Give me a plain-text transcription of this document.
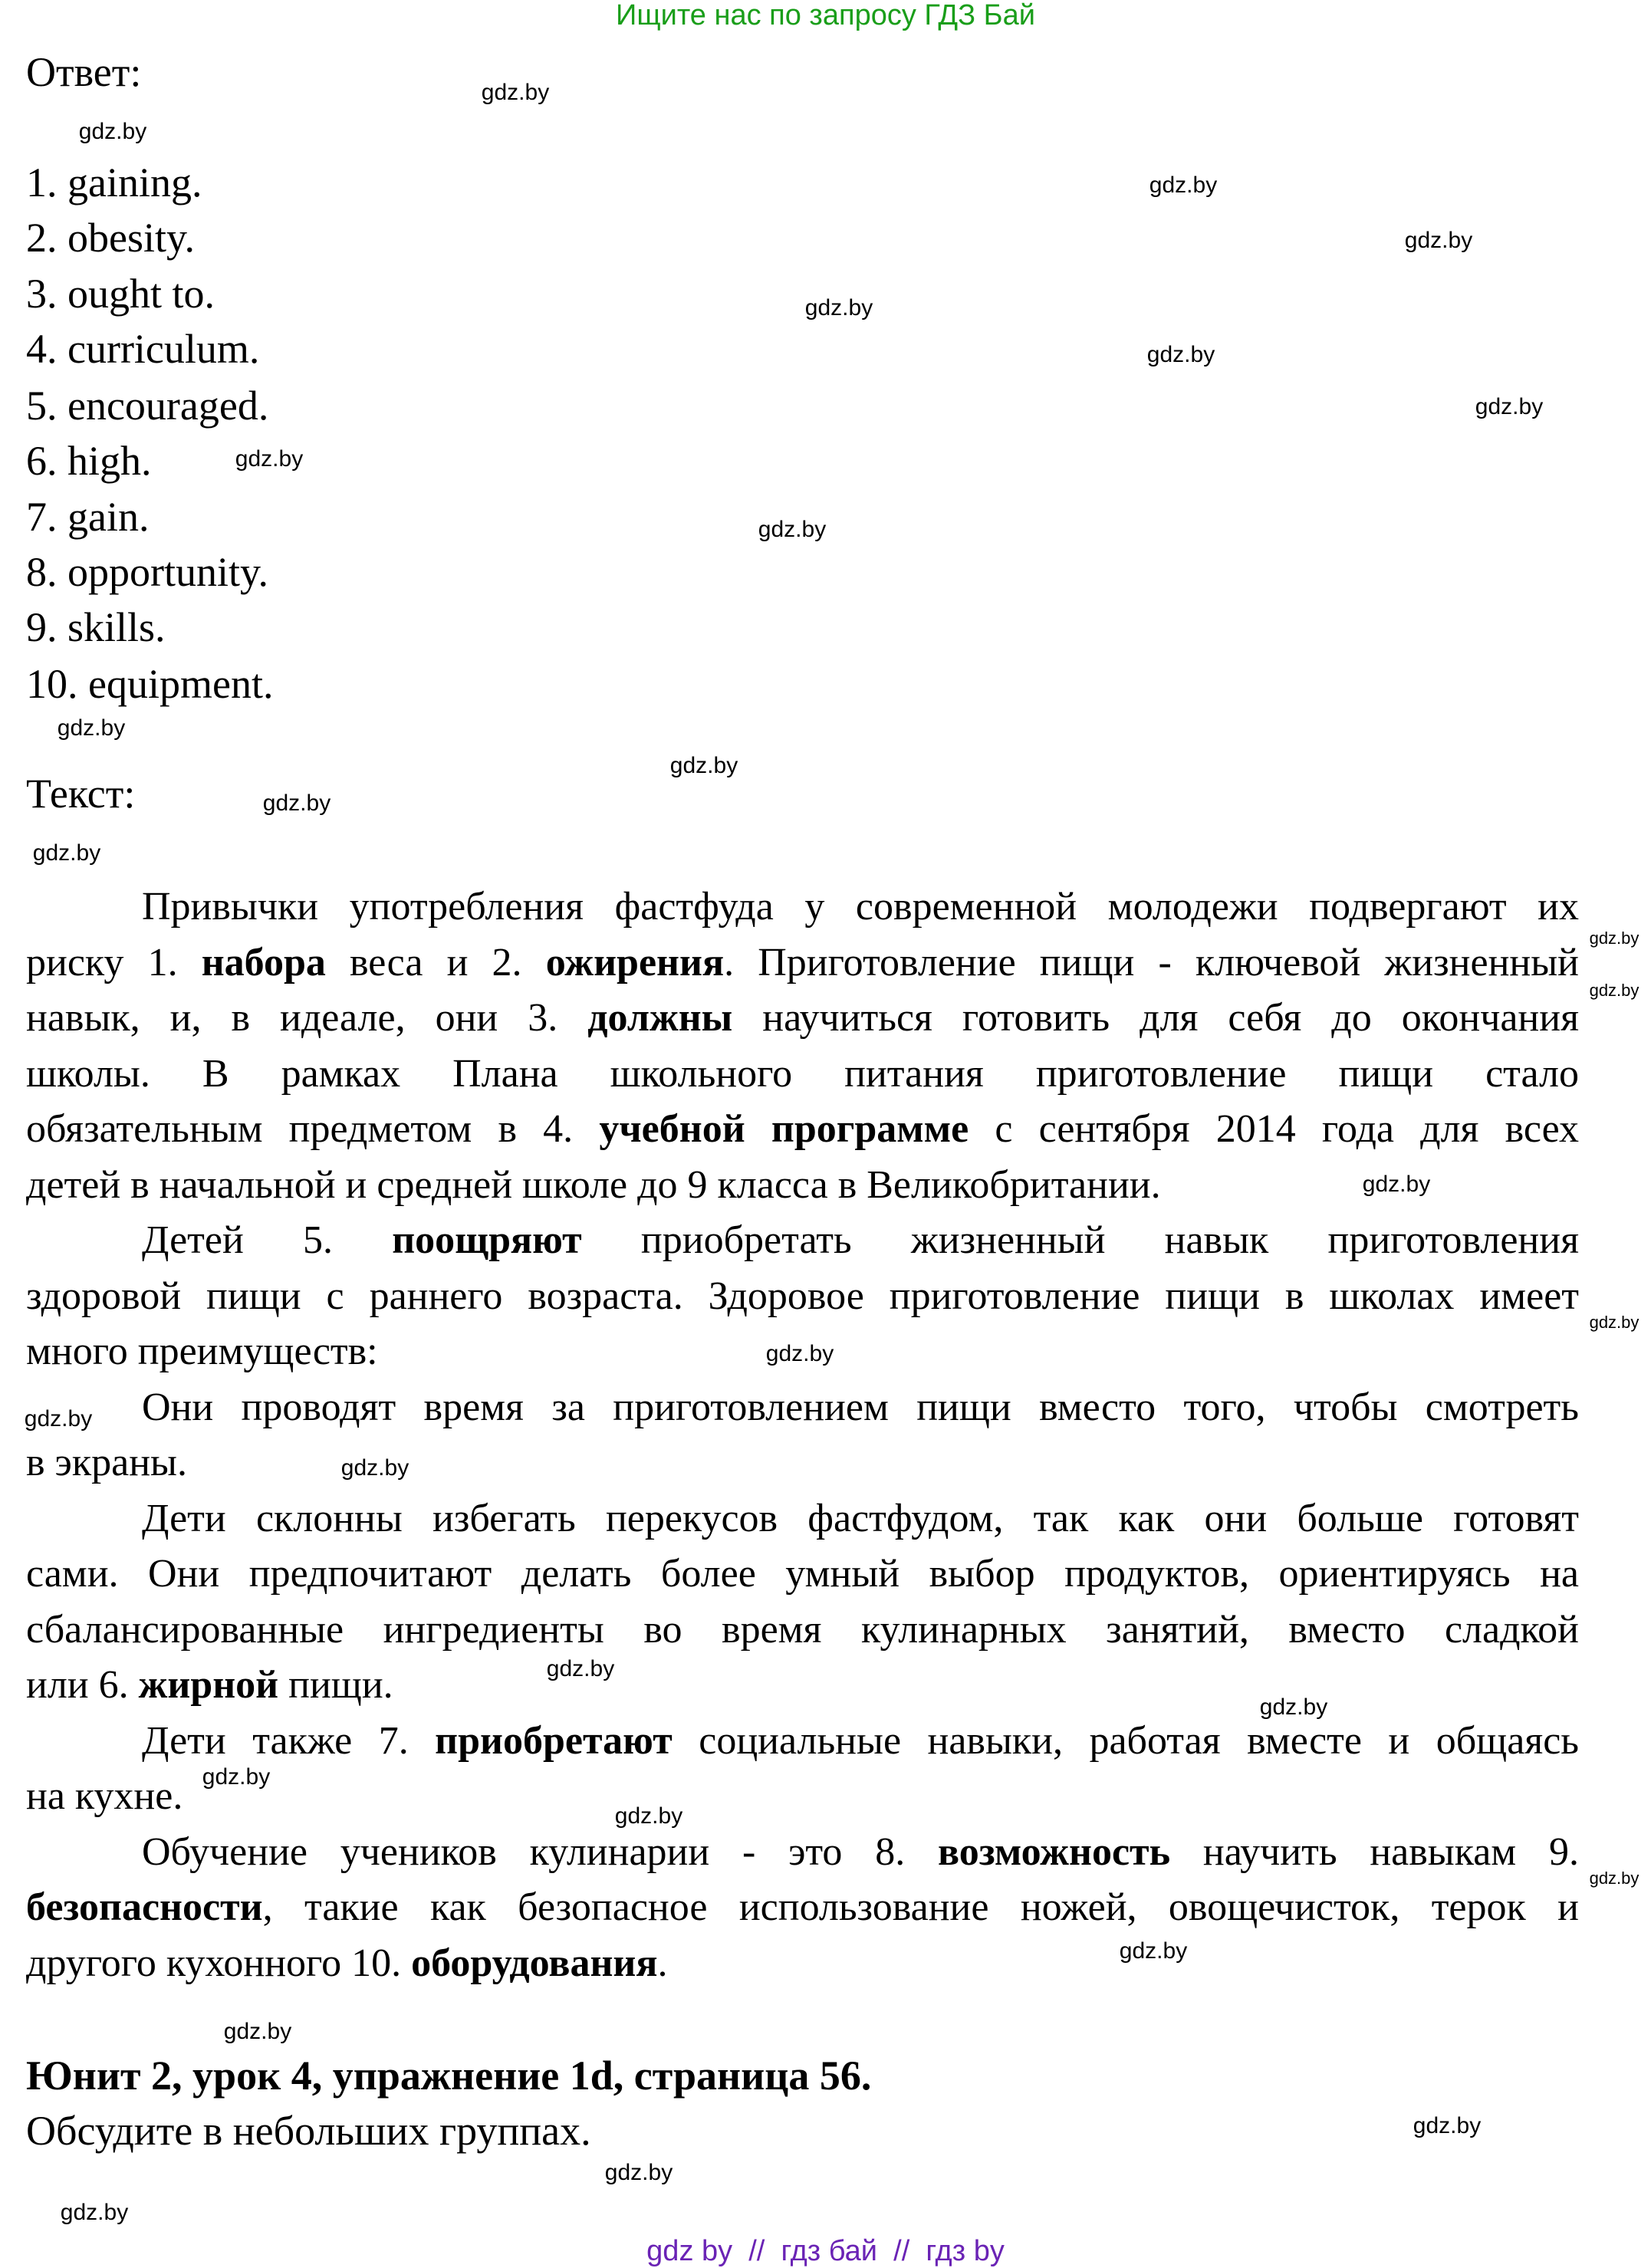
Ищите нас по запросу ГДЗ Бай
Ответ:
1. gaining.
2. obesity.
3. ought to.
4. curriculum.
5. encouraged.
6. high.
7. gain.
8. opportunity.
9. skills.
10. equipment.
Текст:
Привычки употребления фастфуда у современной молодежи подвергают их
риску 1. набора веса и 2. ожирения. Приготовление пищи - ключевой жизненный
навык, и, в идеале, они 3. должны научиться готовить для себя до окончания
школы. В рамках Плана школьного питания приготовление пищи стало
обязательным предметом в 4. учебной программе с сентября 2014 года для всех
детей в начальной и средней школе до 9 класса в Великобритании.
Детей 5. поощряют приобретать жизненный навык приготовления
здоровой пищи с раннего возраста. Здоровое приготовление пищи в школах имеет
много преимуществ:
Они проводят время за приготовлением пищи вместо того, чтобы смотреть
в экраны.
Дети склонны избегать перекусов фастфудом, так как они больше готовят
сами. Они предпочитают делать более умный выбор продуктов, ориентируясь на
сбалансированные ингредиенты во время кулинарных занятий, вместо сладкой
или 6. жирной пищи.
Дети также 7. приобретают социальные навыки, работая вместе и общаясь
на кухне.
Обучение учеников кулинарии - это 8. возможность научить навыкам 9.
безопасности, такие как безопасное использование ножей, овощечисток, терок и
другого кухонного 10. оборудования.
Юнит 2, урок 4, упражнение 1d, страница 56.
Обсудите в небольших группах.
gdz.by
gdz.by
gdz.by
gdz.by
gdz.by
gdz.by
gdz.by
gdz.by
gdz.by
gdz.by
gdz.by
gdz.by
gdz.by
gdz.by
gdz.by
gdz.by
gdz.by
gdz.by
gdz.by
gdz.by
gdz.by
gdz.by
gdz.by
gdz.by
gdz.by
gdz.by
gdz.by
gdz.by
gdz.by
gdz.by
gdz by  //  гдз бай  //  гдз by
